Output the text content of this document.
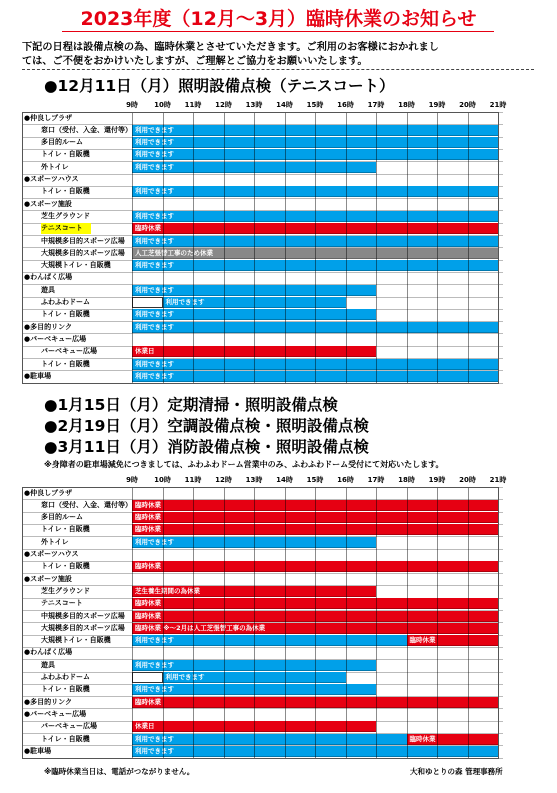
2023年度（12月～3月）臨時休業のお知らせ
下記の日程は設備点検の為、臨時休業とさせていただきます。ご利用のお客様におかれまし
ては、ご不便をおかけいたしますが、ご理解とご協力をお願いいたします。
●12月11日（月）照明設備点検（テニスコート）
9時 10時 11時 12時 13時 14時 15時 16時 17時 18時 19時 20時 21時
●仲良しプラザ
窓口（受付、入金、還付等） 利用できます
多目的ルーム	利用できます
トイレ・自販機	利用できます
外トイレ	利用できます
●スポーツハウス
トイレ・自販機	利用できます
●スポーツ施設
芝生グラウンド	利用できます
テニスコート	臨時休業
中規模多目的スポーツ広場 利用できます
大規模多目的スポーツ広場 人工芝張替工事のため休業
大規模トイレ・自販機	利用できます
●わんぱく広場
遊具	利用できます
ふわふわドーム	利用できます
トイレ・自販機	利用できます
●多目的リンク	利用できます
●バーベキュー広場
バーベキュー広場	休業日
トイレ・自販機	利用できます
●駐車場	利用できます
●1月15日（月）定期清掃・照明設備点検
●2月19日（月）空調設備点検・照明設備点検
●3月11日（月）消防設備点検・照明設備点検
※身障者の駐車場減免につきましては、ふわふわドーム営業中のみ、ふわふわドーム受付にて対応いたします。
9時 10時 11時 12時 13時 14時 15時 16時 17時 18時 19時 20時 21時
●仲良しプラザ
窓口（受付、入金、還付等） 臨時休業
多目的ルーム	臨時休業
トイレ・自販機	臨時休業
外トイレ	利用できます
●スポーツハウス
トイレ・自販機	臨時休業
●スポーツ施設
芝生グラウンド	芝生養生期間の為休業
テニスコート	臨時休業
中規模多目的スポーツ広場 臨時休業
大規模多目的スポーツ広場 臨時休業 ※～2月は人工芝張替工事の為休業
大規模トイレ・自販機	利用できます	臨時休業
●わんぱく広場
遊具	利用できます
ふわふわドーム	利用できます
トイレ・自販機	利用できます
●多目的リンク	臨時休業
●バーベキュー広場
バーベキュー広場	休業日
トイレ・自販機	利用できます	臨時休業
●駐車場	利用できます
※臨時休業当日は、電話がつながりません。	大和ゆとりの森 管理事務所
